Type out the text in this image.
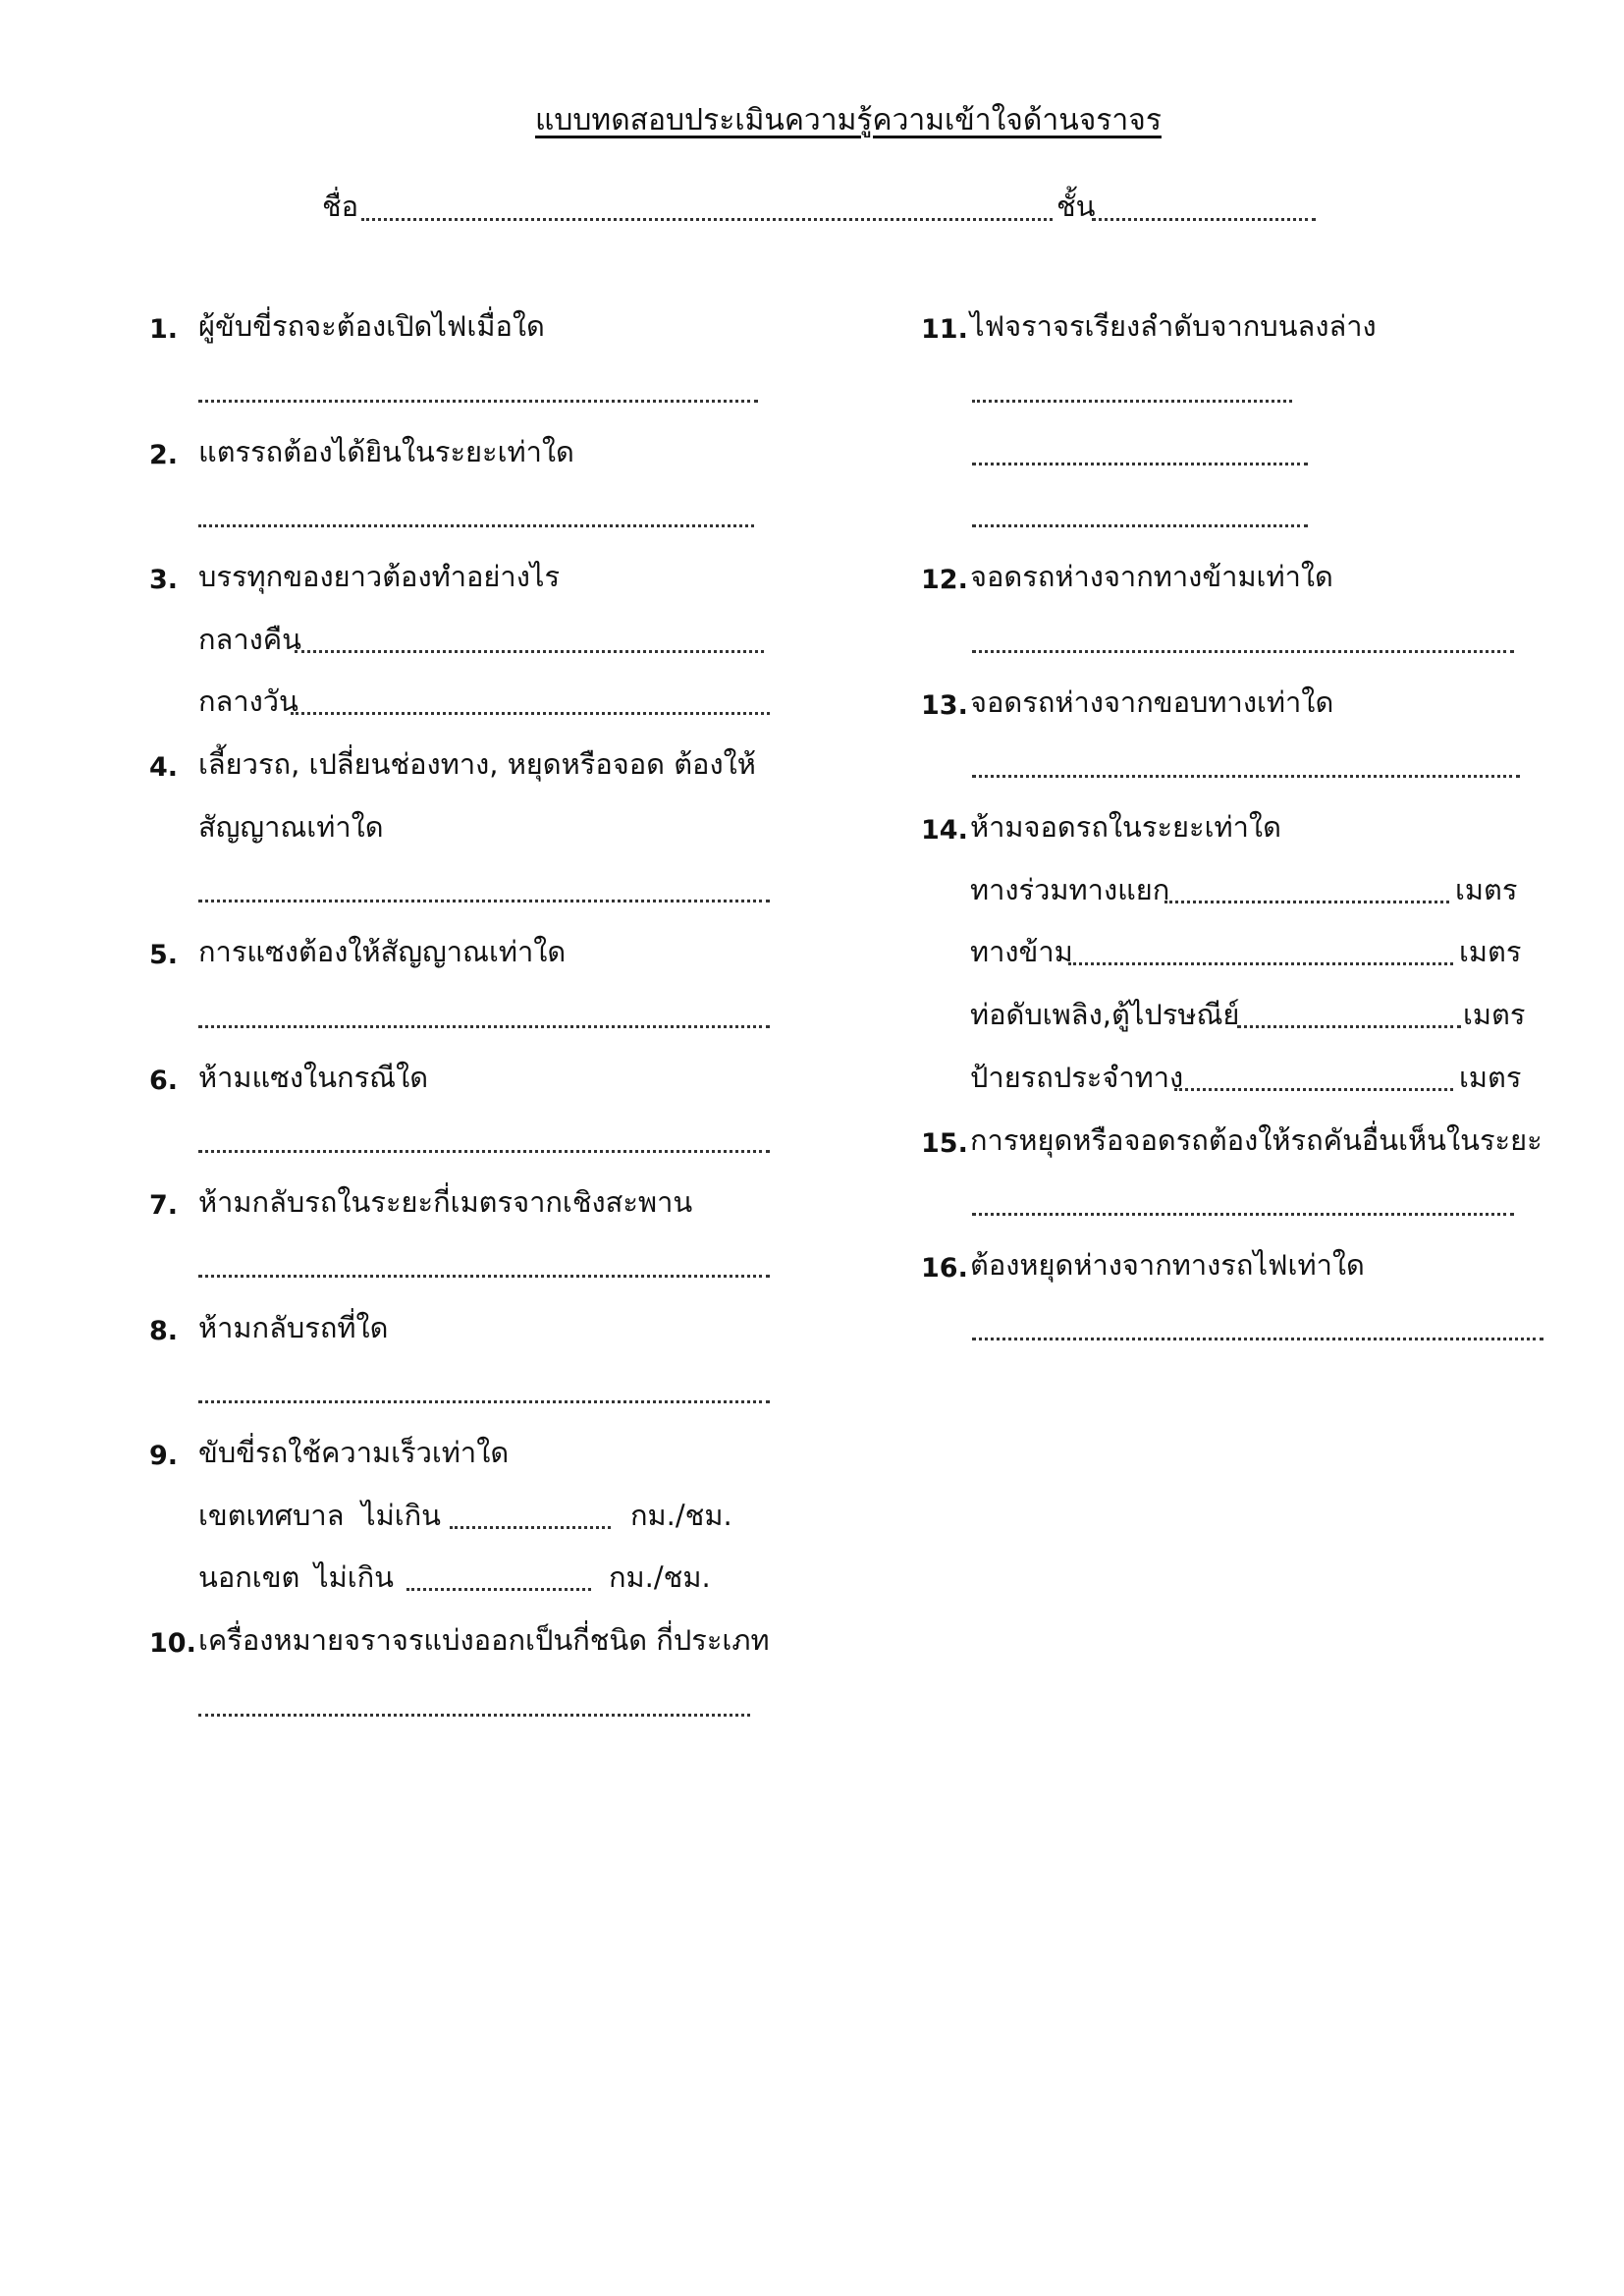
แบบทดสอบประเมินความรู้ความเข้าใจด้านจราจร
ชื่อ	ชั้น
1. ผู้ขับขี่รถจะต้องเปิดไฟเมื่อใด
2. แตรรถต้องได้ยินในระยะเท่าใด
3. บรรทุกของยาวต้องทำอย่างไร
กลางคืน
กลางวัน
4. เลี้ยวรถ, เปลี่ยนช่องทาง, หยุดหรือจอด ต้องให้
สัญญาณเท่าใด
5. การแซงต้องให้สัญญาณเท่าใด
6. ห้ามแซงในกรณีใด
7. ห้ามกลับรถในระยะกี่เมตรจากเชิงสะพาน
8. ห้ามกลับรถที่ใด
9. ขับขี่รถใช้ความเร็วเท่าใด
เขตเทศบาล ไม่เกิน	กม./ชม.
นอกเขต ไม่เกิน	กม./ชม.
10. เครื่องหมายจราจรแบ่งออกเป็นกี่ชนิด กี่ประเภท
11. ไฟจราจรเรียงลำดับจากบนลงล่าง
12. จอดรถห่างจากทางข้ามเท่าใด
13. จอดรถห่างจากขอบทางเท่าใด
14. ห้ามจอดรถในระยะเท่าใด
ทางร่วมทางแยก	เมตร
ทางข้าม	เมตร
ท่อดับเพลิง,ตู้ไปรษณีย์	เมตร
ป้ายรถประจำทาง	เมตร
15. การหยุดหรือจอดรถต้องให้รถคันอื่นเห็นในระยะ
16. ต้องหยุดห่างจากทางรถไฟเท่าใด
